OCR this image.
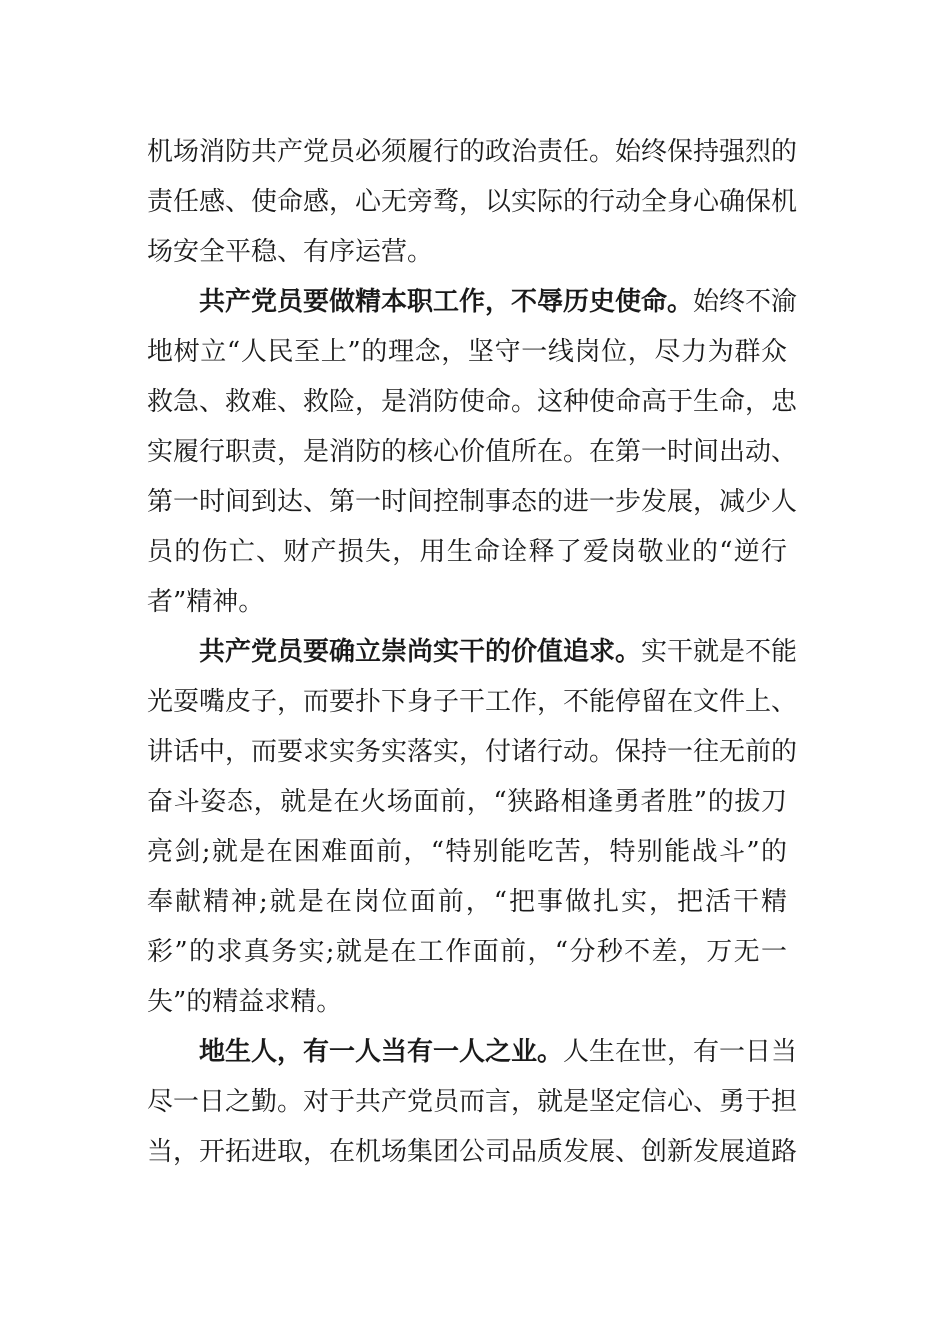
机场消防共产党员必须履行的政治责任。始终保持强烈的
责任感、使命感，心无旁骛，以实际的行动全身心确保机
场安全平稳、有序运营。
共产党员要做精本职工作，不辱历史使命。始终不渝
地树立“人民至上”的理念，坚守一线岗位，尽力为群众
救急、救难、救险，是消防使命。这种使命高于生命，忠
实履行职责，是消防的核心价值所在。在第一时间出动、
第一时间到达、第一时间控制事态的进一步发展，减少人
员的伤亡、财产损失，用生命诠释了爱岗敬业的“逆行
者”精神。
共产党员要确立崇尚实干的价值追求。实干就是不能
光耍嘴皮子，而要扑下身子干工作，不能停留在文件上、
讲话中，而要求实务实落实，付诸行动。保持一往无前的
奋斗姿态，就是在火场面前，“狭路相逢勇者胜”的拔刀
亮剑;就是在困难面前，“特别能吃苦，特别能战斗”的
奉献精神;就是在岗位面前，“把事做扎实，把活干精
彩”的求真务实;就是在工作面前，“分秒不差，万无一
失”的精益求精。
地生人，有一人当有一人之业。人生在世，有一日当
尽一日之勤。对于共产党员而言，就是坚定信心、勇于担
当，开拓进取，在机场集团公司品质发展、创新发展道路
